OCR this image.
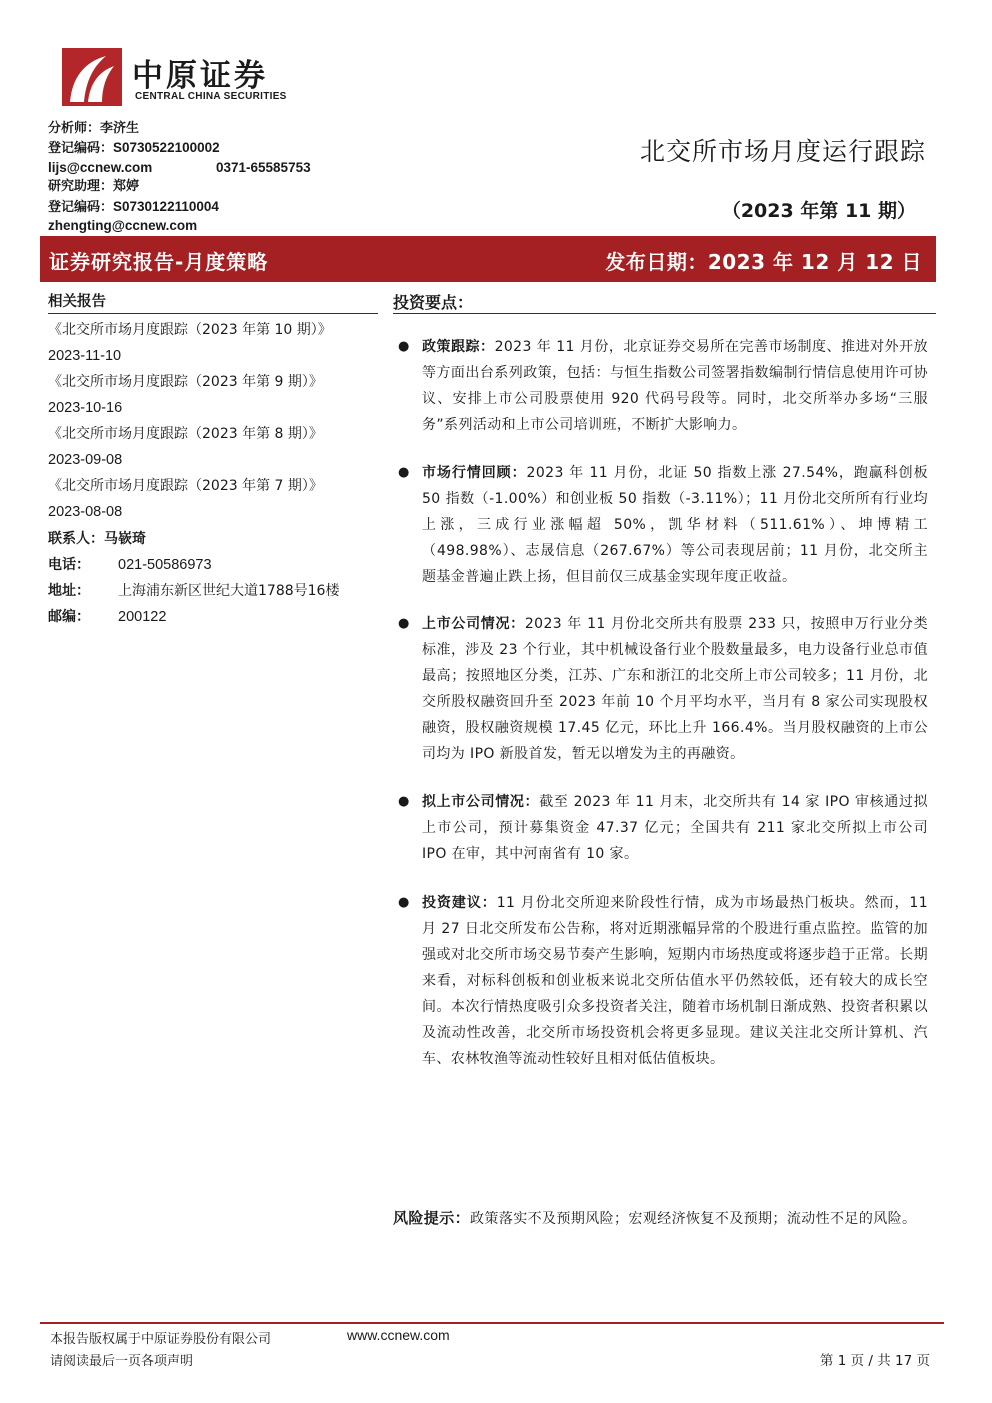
中原证券
CENTRAL CHINA SECURITIES
分析师：李济生
登记编码：S0730522100002
lijs@ccnew.com	0371-65585753
研究助理：郑婷
登记编码：S0730122110004
zhengting@ccnew.com
北交所市场月度运行跟踪
（2023 年第 11 期）
证券研究报告-月度策略	发布日期：2023 年 12 月 12 日
相关报告
《北交所市场月度跟踪（2023 年第 10 期）》
2023-11-10
《北交所市场月度跟踪（2023 年第 9 期）》
2023-10-16
《北交所市场月度跟踪（2023 年第 8 期）》
2023-09-08
《北交所市场月度跟踪（2023 年第 7 期）》
2023-08-08
联系人：马嵚琦
电话： 021-50586973
地址： 上海浦东新区世纪大道1788号16楼
邮编： 200122
投资要点：
● 政策跟踪：2023 年 11 月份，北京证券交易所在完善市场制度、推进对外开放等方面出台系列政策，包括：与恒生指数公司签署指数编制行情信息使用许可协议、安排上市公司股票使用 920 代码号段等。同时，北交所举办多场“三服务”系列活动和上市公司培训班，不断扩大影响力。
● 市场行情回顾：2023 年 11 月份，北证 50 指数上涨 27.54%，跑赢科创板 50 指数（-1.00%）和创业板 50 指数（-3.11%）；11 月份北交所所有行业均上涨，三成行业涨幅超 50%，凯华材料（511.61%）、坤博精工（498.98%）、志晟信息（267.67%）等公司表现居前；11 月份，北交所主题基金普遍止跌上扬，但目前仅三成基金实现年度正收益。
● 上市公司情况：2023 年 11 月份北交所共有股票 233 只，按照申万行业分类标准，涉及 23 个行业，其中机械设备行业个股数量最多，电力设备行业总市值最高；按照地区分类，江苏、广东和浙江的北交所上市公司较多；11 月份，北交所股权融资回升至 2023 年前 10 个月平均水平，当月有 8 家公司实现股权融资，股权融资规模 17.45 亿元，环比上升 166.4%。当月股权融资的上市公司均为 IPO 新股首发，暂无以增发为主的再融资。
● 拟上市公司情况：截至 2023 年 11 月末，北交所共有 14 家 IPO 审核通过拟上市公司，预计募集资金 47.37 亿元；全国共有 211 家北交所拟上市公司 IPO 在审，其中河南省有 10 家。
● 投资建议：11 月份北交所迎来阶段性行情，成为市场最热门板块。然而，11 月 27 日北交所发布公告称，将对近期涨幅异常的个股进行重点监控。监管的加强或对北交所市场交易节奏产生影响，短期内市场热度或将逐步趋于正常。长期来看，对标科创板和创业板来说北交所估值水平仍然较低，还有较大的成长空间。本次行情热度吸引众多投资者关注，随着市场机制日渐成熟、投资者积累以及流动性改善，北交所市场投资机会将更多显现。建议关注北交所计算机、汽车、农林牧渔等流动性较好且相对低估值板块。
风险提示：政策落实不及预期风险；宏观经济恢复不及预期；流动性不足的风险。
本报告版权属于中原证券股份有限公司	www.ccnew.com
请阅读最后一页各项声明	第 1 页 / 共 17 页
